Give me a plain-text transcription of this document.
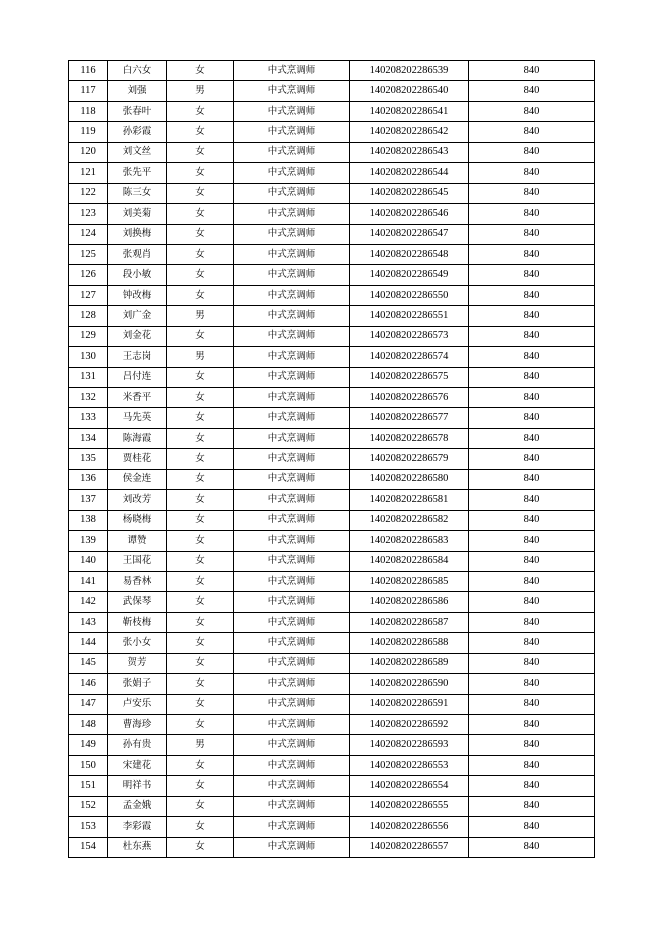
116	白六女	女	中式烹调师	140208202286539	840
117	刘强	男	中式烹调师	140208202286540	840
118	张春叶	女	中式烹调师	140208202286541	840
119	孙彩霞	女	中式烹调师	140208202286542	840
120	刘文丝	女	中式烹调师	140208202286543	840
121	张先平	女	中式烹调师	140208202286544	840
122	陈三女	女	中式烹调师	140208202286545	840
123	刘美菊	女	中式烹调师	140208202286546	840
124	刘换梅	女	中式烹调师	140208202286547	840
125	张观肖	女	中式烹调师	140208202286548	840
126	段小敏	女	中式烹调师	140208202286549	840
127	钟改梅	女	中式烹调师	140208202286550	840
128	刘广金	男	中式烹调师	140208202286551	840
129	刘金花	女	中式烹调师	140208202286573	840
130	王志岗	男	中式烹调师	140208202286574	840
131	吕付连	女	中式烹调师	140208202286575	840
132	米香平	女	中式烹调师	140208202286576	840
133	马先英	女	中式烹调师	140208202286577	840
134	陈海霞	女	中式烹调师	140208202286578	840
135	贾桂花	女	中式烹调师	140208202286579	840
136	侯金连	女	中式烹调师	140208202286580	840
137	刘改芳	女	中式烹调师	140208202286581	840
138	杨晓梅	女	中式烹调师	140208202286582	840
139	谭赞	女	中式烹调师	140208202286583	840
140	王国花	女	中式烹调师	140208202286584	840
141	易香林	女	中式烹调师	140208202286585	840
142	武保琴	女	中式烹调师	140208202286586	840
143	靳枝梅	女	中式烹调师	140208202286587	840
144	张小女	女	中式烹调师	140208202286588	840
145	贺芳	女	中式烹调师	140208202286589	840
146	张娟子	女	中式烹调师	140208202286590	840
147	卢安乐	女	中式烹调师	140208202286591	840
148	曹海珍	女	中式烹调师	140208202286592	840
149	孙有贵	男	中式烹调师	140208202286593	840
150	宋建花	女	中式烹调师	140208202286553	840
151	明祥书	女	中式烹调师	140208202286554	840
152	孟金娥	女	中式烹调师	140208202286555	840
153	李彩霞	女	中式烹调师	140208202286556	840
154	杜东燕	女	中式烹调师	140208202286557	840
